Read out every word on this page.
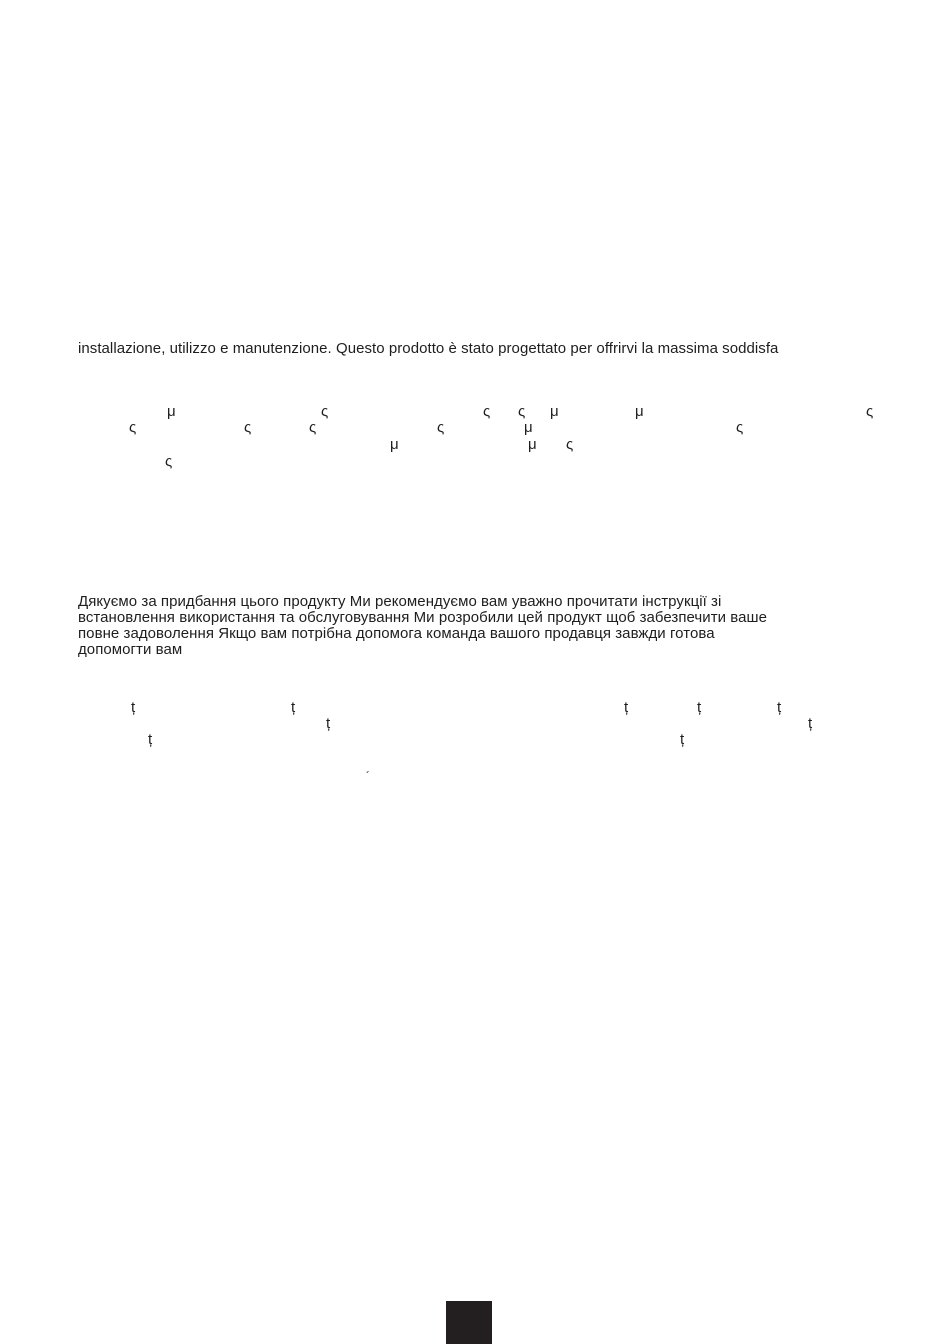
installazione, utilizzo e manutenzione. Questo prodotto è stato progettato per offrirvi la massima soddisfa
μ	ς	ς ς μ	μ	ς
ς	ς	ς	ς	μ	ς
μ	μ ς
ς
Дякуємо за придбання цього продукту Ми рекомендуємо вам уважно прочитати інструкції зі
встановлення використання та обслуговування Ми розробили цей продукт щоб забезпечити ваше
повне задоволення Якщо вам потрібна допомога команда вашого продавця завжди готова
допомогти вам
ț	ț	ț	ț	ț
ț	ț
ț	ț
´
